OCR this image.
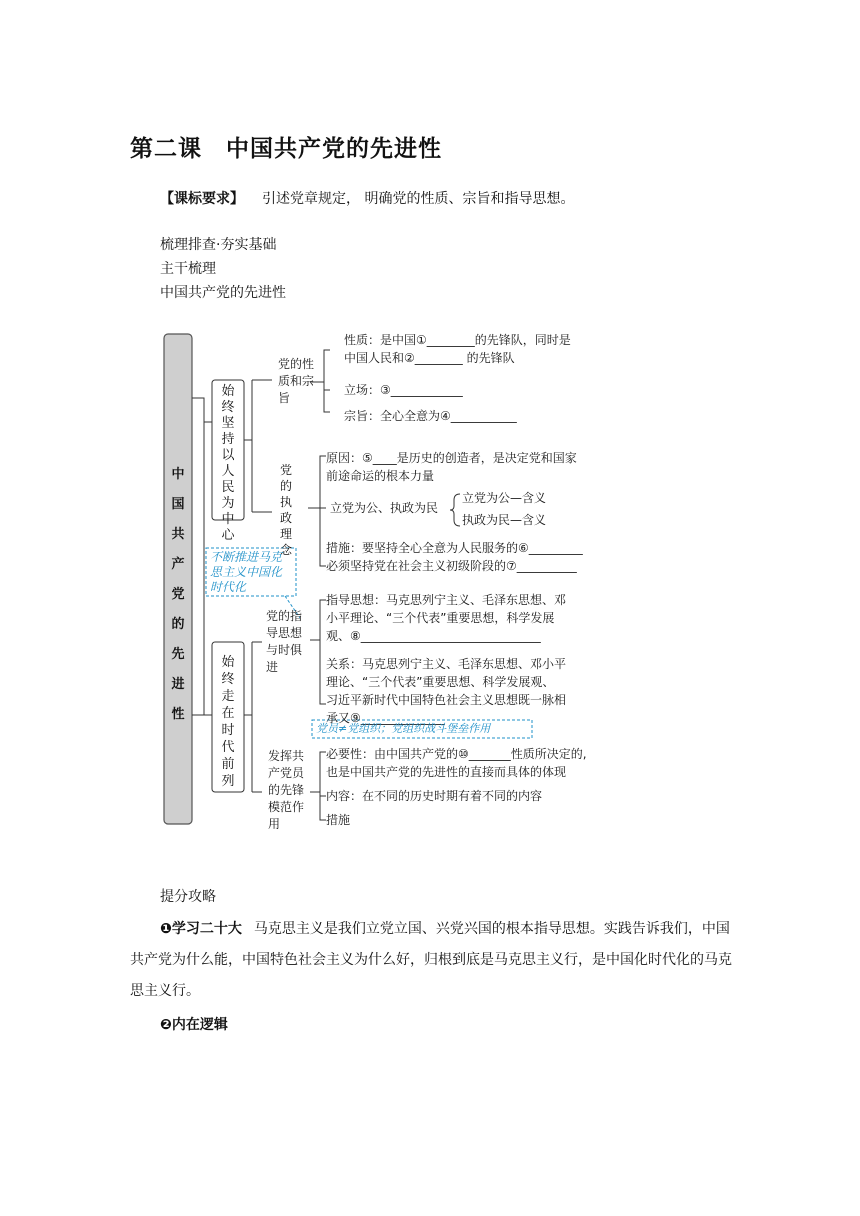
第二课　中国共产党的先进性
【课标要求】 引述党章规定， 明确党的性质、宗旨和指导思想。
梳理排查·夯实基础
主干梳理
中国共产党的先进性
中国共产党的先进性
始终坚持以人民为中心
始终走在时代前列
党的性质和宗旨
党的执政理念
党的指导思想与时俱进
发挥共产党员的先锋模范作用
性质：是中国①________的先锋队，同时是
中国人民和②________ 的先锋队
立场：③____________
宗旨：全心全意为④___________
原因：⑤____是历史的创造者，是决定党和国家
前途命运的根本力量
立党为公、执政为民
立党为公—含义
执政为民—含义
措施：要坚持全心全意为人民服务的⑥_________
必须坚持党在社会主义初级阶段的⑦__________
指导思想：马克思列宁主义、毛泽东思想、邓
小平理论、“三个代表”重要思想，科学发展
观、⑧______________________________
关系：马克思列宁主义、毛泽东思想、邓小平
理论、“三个代表”重要思想、科学发展观、
习近平新时代中国特色社会主义思想既一脉相
承又⑨______________
必要性：由中国共产党的⑩_______性质所决定的,
也是中国共产党的先进性的直接而具体的体现
内容：在不同的历史时期有着不同的内容
措施
不断推进马克
思主义中国化
时代化
党员≠党组织；党组织战斗堡垒作用
提分攻略
❶学习二十大 马克思主义是我们立党立国、兴党兴国的根本指导思想。实践告诉我们，中国共产党为什么能，中国特色社会主义为什么好，归根到底是马克思主义行，是中国化时代化的马克思主义行。
❷内在逻辑
